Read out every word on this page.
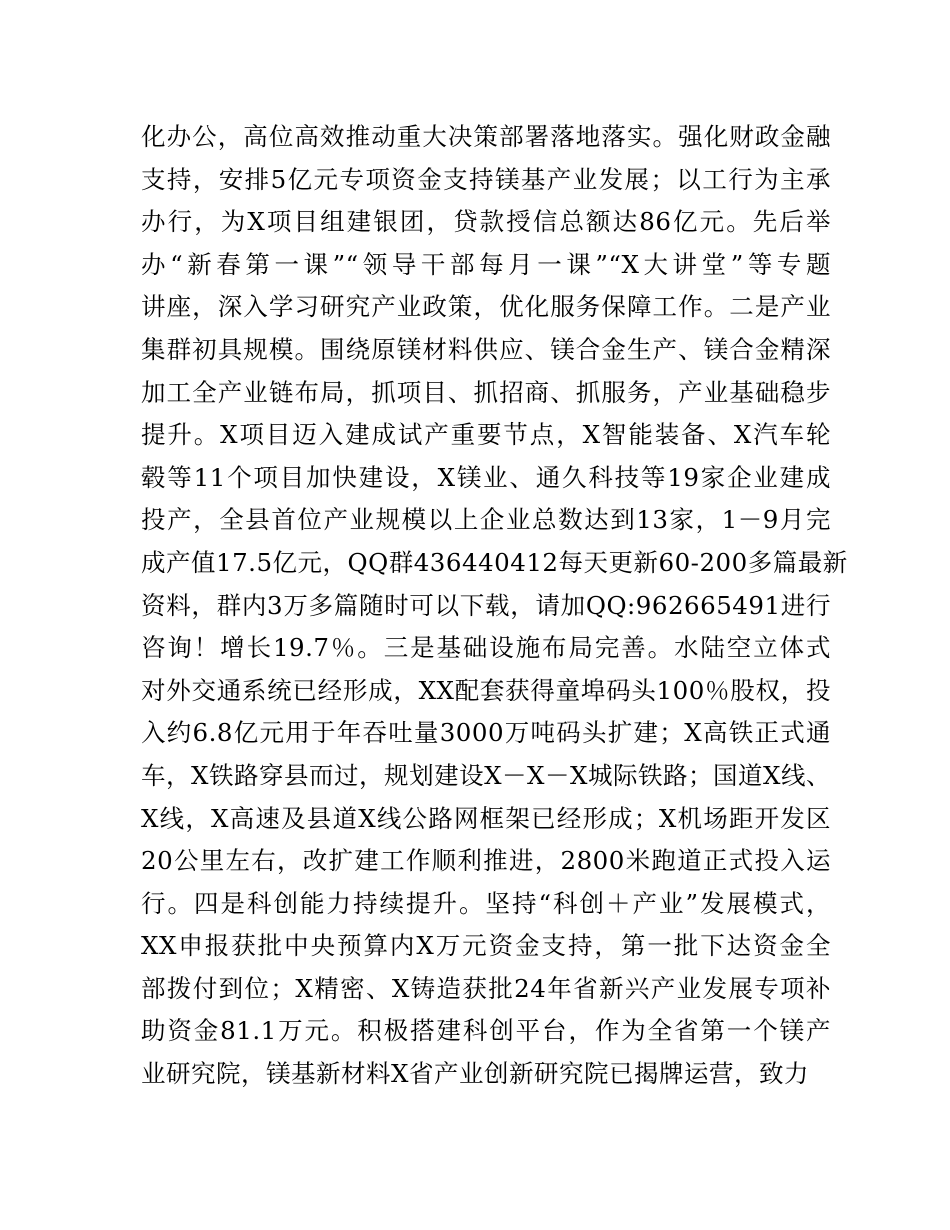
化办公，高位高效推动重大决策部署落地落实。强化财政金融
支持，安排5亿元专项资金支持镁基产业发展；以工行为主承
办行，为X项目组建银团，贷款授信总额达86亿元。先后举
办“新春第一课”“领导干部每月一课”“X大讲堂”等专题
讲座，深入学习研究产业政策，优化服务保障工作。二是产业
集群初具规模。围绕原镁材料供应、镁合金生产、镁合金精深
加工全产业链布局，抓项目、抓招商、抓服务，产业基础稳步
提升。X项目迈入建成试产重要节点，X智能装备、X汽车轮
毂等11个项目加快建设，X镁业、通久科技等19家企业建成
投产，全县首位产业规模以上企业总数达到13家，1－9月完
成产值17.5亿元，QQ群436440412每天更新60-200多篇最新
资料，群内3万多篇随时可以下载，请加QQ:962665491进行
咨询！增长19.7％。三是基础设施布局完善。水陆空立体式
对外交通系统已经形成，XX配套获得童埠码头100％股权，投
入约6.8亿元用于年吞吐量3000万吨码头扩建；X高铁正式通
车，X铁路穿县而过，规划建设X－X－X城际铁路；国道X线、
X线，X高速及县道X线公路网框架已经形成；X机场距开发区
20公里左右，改扩建工作顺利推进，2800米跑道正式投入运
行。四是科创能力持续提升。坚持“科创＋产业”发展模式，
XX申报获批中央预算内X万元资金支持，第一批下达资金全
部拨付到位；X精密、X铸造获批24年省新兴产业发展专项补
助资金81.1万元。积极搭建科创平台，作为全省第一个镁产
业研究院，镁基新材料X省产业创新研究院已揭牌运营，致力
